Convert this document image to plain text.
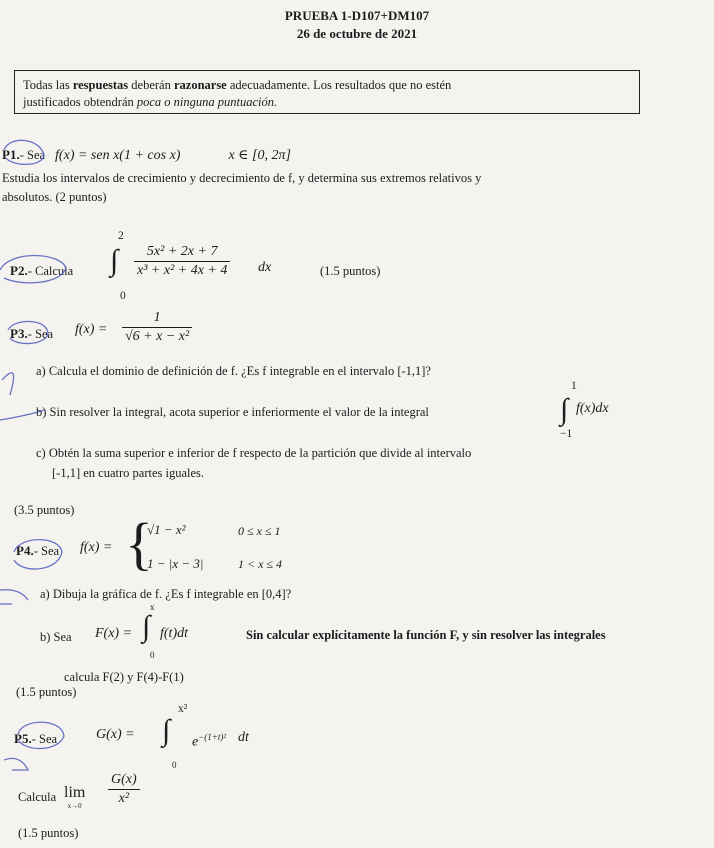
PRUEBA 1-D107+DM107
26 de octubre de 2021
Todas las respuestas deberán razonarse adecuadamente. Los resultados que no estén
justificados obtendrán poca o ninguna puntuación.
P1.- Sea f(x) = sen x(1 + cos x)	x ∈ [0, 2π]
Estudia los intervalos de crecimiento y decrecimiento de f, y determina sus extremos relativos y
absolutos. (2 puntos)
P2.- Calcula
2
∫
0
$\frac{\text{5x² + 2x + 7}}{\text{x³ + x² + 4x + 4}}$ dx	(1.5 puntos)
P3.- Sea $f(x) = \frac{1}{\text{√6 + x − x²}}$
a) Calcula el dominio de definición de f. ¿Es f integrable en el intervalo [-1,1]?
b) Sin resolver la integral, acota superior e inferiormente el valor de la integral
1
∫
−1
f(x)dx
c) Obtén la suma superior e inferior de f respecto de la partición que divide al intervalo
[-1,1] en cuatro partes iguales.
(3.5 puntos)
P4.- Sea f(x) = {
√1 − x²	0 ≤ x ≤ 1
1 − |x − 3|	1 < x ≤ 4
a) Dibuja la gráfica de f. ¿Es f integrable en [0,4]?
b) Sea F(x) =
x
∫
0
f(t)dt	Sin calcular explícitamente la función F, y sin resolver las integrales
calcula F(2) y F(4)-F(1)
(1.5 puntos)
P5.- Sea	G(x) =
x²
∫
0
$e^{-(1+t)^2}$ dt
Calcula lim
$x\to 0 \frac{G(x)}{\text{x²}}$
(1.5 puntos)
